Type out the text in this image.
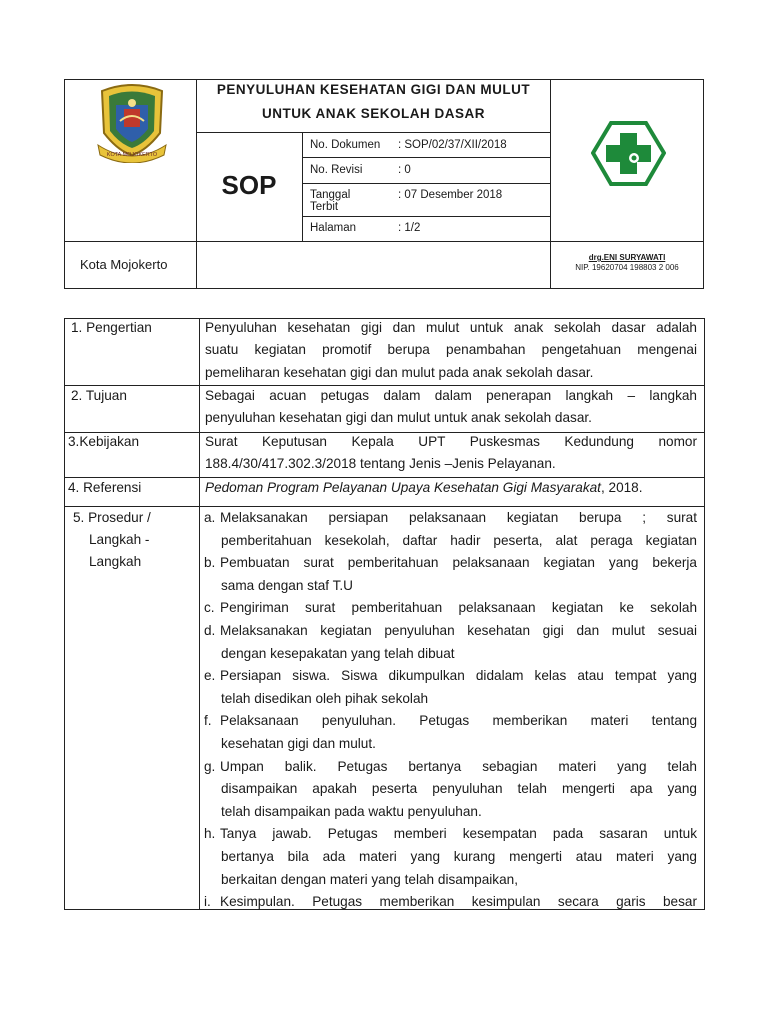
KOTA MOJOKERTO
PENYULUHAN KESEHATAN GIGI DAN MULUT
UNTUK ANAK SEKOLAH DASAR
SOP
No. Dokumen : SOP/02/37/XII/2018
No. Revisi	: 0
Tanggal Terbit
: 07 Desember 2018
Halaman	: 1/2
Kota Mojokerto	drg.ENI SURYAWATI
NIP. 19620704 198803 2 006
1. Pengertian	Penyuluhan kesehatan gigi dan mulut untuk anak sekolah dasar adalah
suatu kegiatan promotif berupa penambahan pengetahuan mengenai
pemeliharan kesehatan gigi dan mulut pada anak sekolah dasar.
2. Tujuan	Sebagai acuan petugas dalam dalam penerapan langkah – langkah
penyuluhan kesehatan gigi dan mulut untuk anak sekolah dasar.
3.Kebijakan	Surat Keputusan Kepala UPT Puskesmas Kedundung nomor
188.4/30/417.302.3/2018 tentang Jenis –Jenis Pelayanan.
4. Referensi	Pedoman Program Pelayanan Upaya Kesehatan Gigi Masyarakat, 2018.
5. Prosedur /
Langkah -
Langkah
a. Melaksanakan persiapan pelaksanaan kegiatan berupa ; surat
pemberitahuan kesekolah, daftar hadir peserta, alat peraga kegiatan
b. Pembuatan surat pemberitahuan pelaksanaan kegiatan yang bekerja
sama dengan staf T.U
c. Pengiriman surat pemberitahuan pelaksanaan kegiatan ke sekolah
d. Melaksanakan kegiatan penyuluhan kesehatan gigi dan mulut sesuai
dengan kesepakatan yang telah dibuat
e. Persiapan siswa. Siswa dikumpulkan didalam kelas atau tempat yang
telah disedikan oleh pihak sekolah
f. Pelaksanaan penyuluhan. Petugas memberikan materi tentang
kesehatan gigi dan mulut.
g. Umpan balik. Petugas bertanya sebagian materi yang telah
disampaikan apakah peserta penyuluhan telah mengerti apa yang
telah disampaikan pada waktu penyuluhan.
h. Tanya jawab. Petugas memberi kesempatan pada sasaran untuk
bertanya bila ada materi yang kurang mengerti atau materi yang
berkaitan dengan materi yang telah disampaikan,
i. Kesimpulan. Petugas memberikan kesimpulan secara garis besar
